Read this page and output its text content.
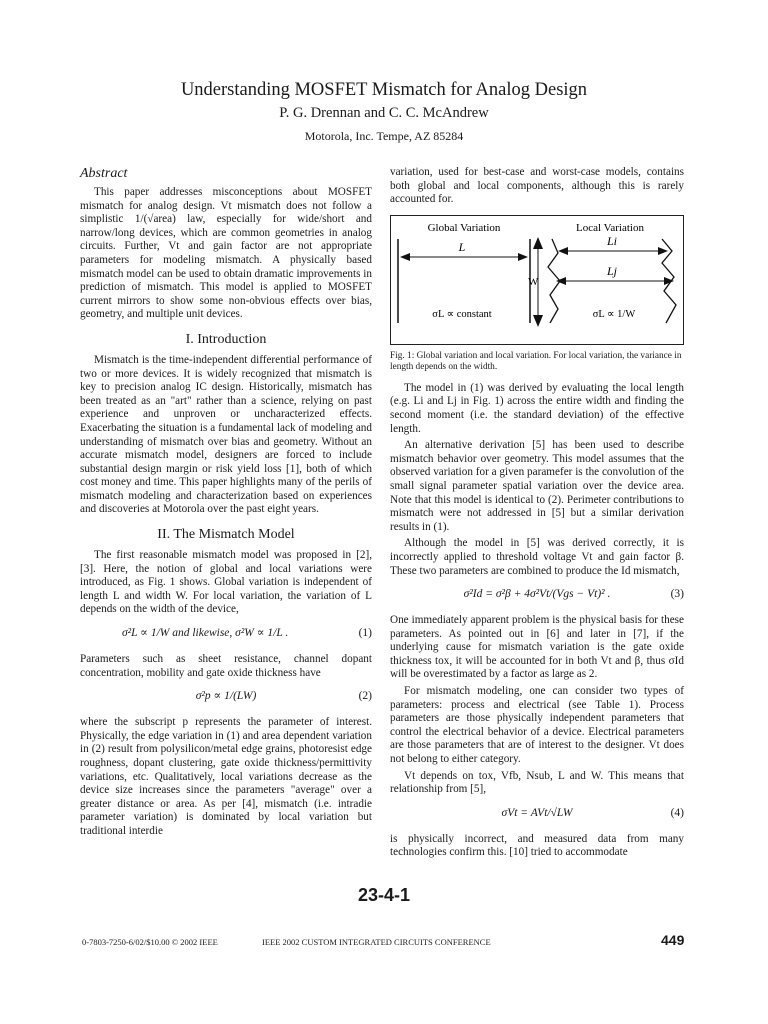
Understanding MOSFET Mismatch for Analog Design
P. G. Drennan and C. C. McAndrew
Motorola, Inc. Tempe, AZ 85284
Abstract

This paper addresses misconceptions about MOSFET mismatch for analog design. Vt mismatch does not follow a simplistic 1/(√area) law, especially for wide/short and narrow/long devices, which are common geometries in analog circuits. Further, Vt and gain factor are not appropriate parameters for modeling mismatch. A physically based mismatch model can be used to obtain dramatic improvements in prediction of mismatch. This model is applied to MOSFET current mirrors to show some non-obvious effects over bias, geometry, and multiple unit devices.

I. Introduction

Mismatch is the time-independent differential performance of two or more devices. It is widely recognized that mismatch is key to precision analog IC design. Historically, mismatch has been treated as an "art" rather than a science, relying on past experience and unproven or uncharacterized effects. Exacerbating the situation is a fundamental lack of modeling and understanding of mismatch over bias and geometry. Without an accurate mismatch model, designers are forced to include substantial design margin or risk yield loss [1], both of which cost money and time. This paper highlights many of the perils of mismatch modeling and characterization based on experiences and discoveries at Motorola over the past eight years.

II. The Mismatch Model

The first reasonable mismatch model was proposed in [2], [3]. Here, the notion of global and local variations were introduced, as Fig. 1 shows. Global variation is independent of length L and width W. For local variation, the variation of L depends on the width of the device,

σ²L ∝ 1/W and likewise, σ²W ∝ 1/L .	(1)

Parameters such as sheet resistance, channel dopant concentration, mobility and gate oxide thickness have

σ²p ∝ 1/(LW)	(2)

where the subscript p represents the parameter of interest. Physically, the edge variation in (1) and area dependent variation in (2) result from polysilicon/metal edge grains, photoresist edge roughness, dopant clustering, gate oxide thickness/permittivity variations, etc. Qualitatively, local variations decrease as the device size increases since the parameters "average" over a greater distance or area. As per [4], mismatch (i.e. intradie parameter variation) is dominated by local variation but traditional interdie

variation, used for best-case and worst-case models, contains both global and local components, although this is rarely accounted for.

Global Variation
L
σL ∝ constant
W
Local Variation
Li
Lj
σL ∝ 1/W
Fig. 1: Global variation and local variation. For local variation, the variance in length depends on the width.

The model in (1) was derived by evaluating the local length (e.g. Li and Lj in Fig. 1) across the entire width and finding the second moment (i.e. the standard deviation) of the effective length.

An alternative derivation [5] has been used to describe mismatch behavior over geometry. This model assumes that the observed variation for a given paramefer is the convolution of the small signal parameter spatial variation over the device area. Note that this model is identical to (2). Perimeter contributions to mismatch were not addressed in [5] but a similar derivation results in (1).

Although the model in [5] was derived correctly, it is incorrectly applied to threshold voltage Vt and gain factor β. These two parameters are combined to produce the Id mismatch,

σ²Id = σ²β + 4σ²Vt/(Vgs − Vt)² .	(3)

One immediately apparent problem is the physical basis for these parameters. As pointed out in [6] and later in [7], if the underlying cause for mismatch variation is the gate oxide thickness tox, it will be accounted for in both Vt and β, thus σId will be overestimated by a factor as large as 2.

For mismatch modeling, one can consider two types of parameters: process and electrical (see Table 1). Process parameters are those physically independent parameters that control the electrical behavior of a device. Electrical parameters are those parameters that are of interest to the designer. Vt does not belong to either category.

Vt depends on tox, Vfb, Nsub, L and W. This means that relationship from [5],

σVt = AVt/√LW	(4)

is physically incorrect, and measured data from many technologies confirm this. [10] tried to accommodate

23-4-1
0-7803-7250-6/02/$10.00 © 2002 IEEE	IEEE 2002 CUSTOM INTEGRATED CIRCUITS CONFERENCE	449
